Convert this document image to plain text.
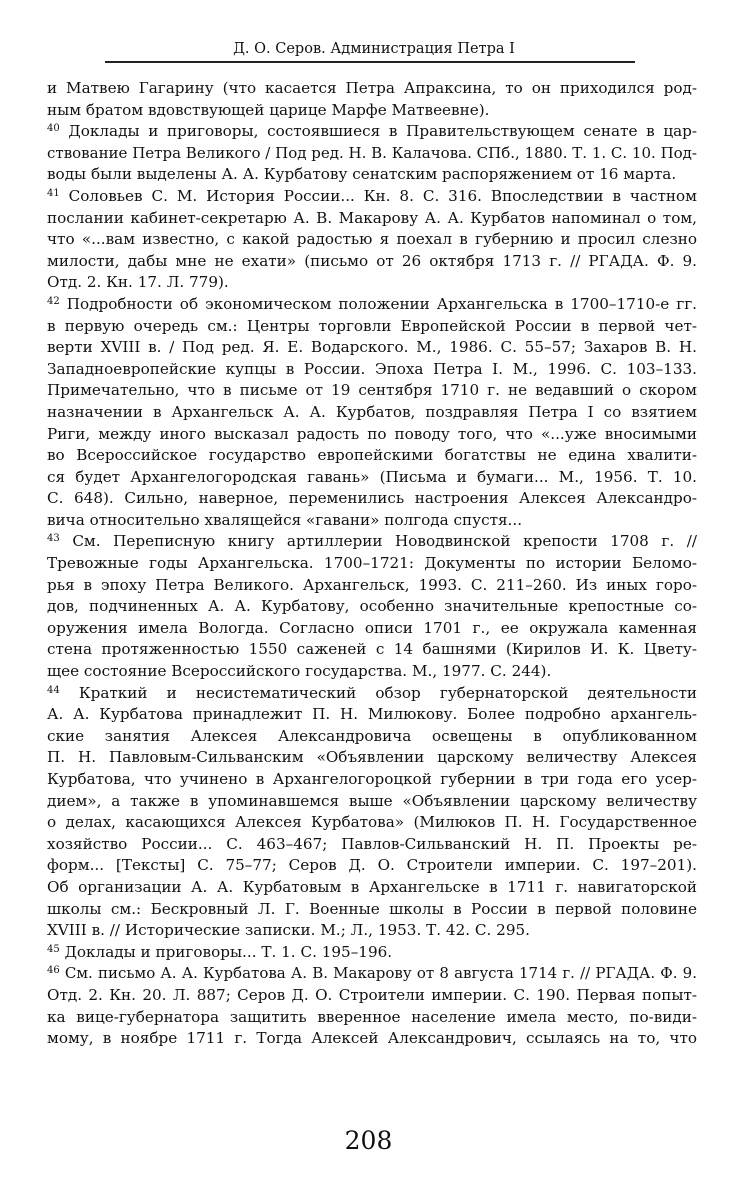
Д. О. Серов. Администрация Петра I
и Матвею Гагарину (что касается Петра Апраксина, то он приходился род-
ным братом вдовствующей царице Марфе Матвеевне).
$^{40}$ Доклады и приговоры, состоявшиеся в Правительствующем сенате в цар-
ствование Петра Великого / Под ред. Н. В. Калачова. СПб., 1880. Т. 1. С. 10. Под-
воды были выделены А. А. Курбатову сенатским распоряжением от 16 марта.
$^{41}$ Соловьев С. М. История России... Кн. 8. С. 316. Впоследствии в частном
послании кабинет-секретарю А. В. Макарову А. А. Курбатов напоминал о том,
что «...вам известно, с какой радостью я поехал в губернию и просил слезно
милости, дабы мне не ехати» (письмо от 26 октября 1713 г. // РГАДА. Ф. 9.
Отд. 2. Кн. 17. Л. 779).
$^{42}$ Подробности об экономическом положении Архангельска в 1700–1710-е гг.
в первую очередь см.: Центры торговли Европейской России в первой чет-
верти XVIII в. / Под ред. Я. Е. Водарского. М., 1986. С. 55–57; Захаров В. Н.
Западноевропейские купцы в России. Эпоха Петра I. М., 1996. С. 103–133.
Примечательно, что в письме от 19 сентября 1710 г. не ведавший о скором
назначении в Архангельск А. А. Курбатов, поздравляя Петра I со взятием
Риги, между иного высказал радость по поводу того, что «...уже вносимыми
во Всероссийское государство европейскими богатствы не едина хвалити-
ся будет Архангелогородская гавань» (Письма и бумаги... М., 1956. Т. 10.
С. 648). Сильно, наверное, переменились настроения Алексея Александро-
вича относительно хвалящейся «гавани» полгода спустя...
$^{43}$ См. Переписную книгу артиллерии Новодвинской крепости 1708 г. //
Тревожные годы Архангельска. 1700–1721: Документы по истории Беломо-
рья в эпоху Петра Великого. Архангельск, 1993. С. 211–260. Из иных горо-
дов, подчиненных А. А. Курбатову, особенно значительные крепостные со-
оружения имела Вологда. Согласно описи 1701 г., ее окружала каменная
стена протяженностью 1550 саженей с 14 башнями (Кирилов И. К. Цвету-
щее состояние Всероссийского государства. М., 1977. С. 244).
$^{44}$ Краткий и несистематический обзор губернаторской деятельности
А. А. Курбатова принадлежит П. Н. Милюкову. Более подробно архангель-
ские занятия Алексея Александровича освещены в опубликованном
П. Н. Павловым-Сильванским «Объявлении царскому величеству Алексея
Курбатова, что учинено в Архангелогороцкой губернии в три года его усер-
дием», а также в упоминавшемся выше «Объявлении царскому величеству
о делах, касающихся Алексея Курбатова» (Милюков П. Н. Государственное
хозяйство России... С. 463–467; Павлов-Сильванский Н. П. Проекты ре-
форм... [Тексты] С. 75–77; Серов Д. О. Строители империи. С. 197–201).
Об организации А. А. Курбатовым в Архангельске в 1711 г. навигаторской
школы см.: Бескровный Л. Г. Военные школы в России в первой половине
XVIII в. // Исторические записки. М.; Л., 1953. Т. 42. С. 295.
$^{45}$ Доклады и приговоры... Т. 1. С. 195–196.
$^{46}$ См. письмо А. А. Курбатова А. В. Макарову от 8 августа 1714 г. // РГАДА. Ф. 9.
Отд. 2. Кн. 20. Л. 887; Серов Д. О. Строители империи. С. 190. Первая попыт-
ка вице-губернатора защитить вверенное население имела место, по-види-
мому, в ноябре 1711 г. Тогда Алексей Александрович, ссылаясь на то, что
208
